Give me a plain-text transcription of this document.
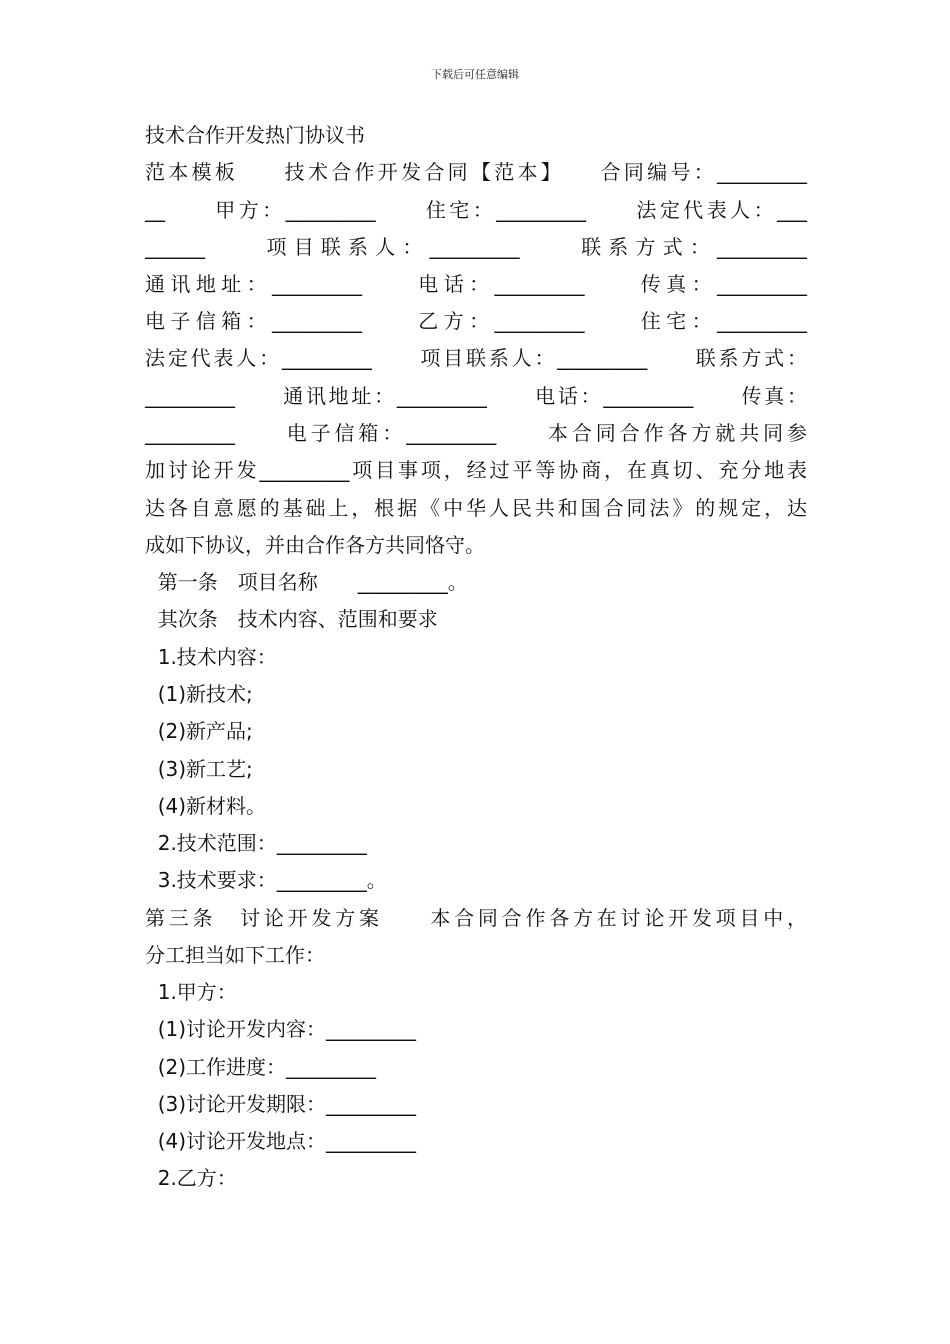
下载后可任意编辑
技术合作开发热门协议书
范本模板　　技术合作开发合同【范本】　　合同编号：_________
__　　甲方：_________　　住宅：_________　　法定代表人：___
______　　项目联系人：_________　　联系方式：_________
通讯地址：_________　　电话：_________　　传真：_________
电子信箱：_________　　乙方：_________　　住宅：_________
法定代表人：_________　　项目联系人：_________　　联系方式：
_________　　通讯地址：_________　　电话：_________　　传真：
_________　　电子信箱：_________　　本合同合作各方就共同参
加讨论开发_________项目事项，经过平等协商，在真切、充分地表
达各自意愿的基础上，根据《中华人民共和国合同法》的规定，达
成如下协议，并由合作各方共同恪守。
第一条　项目名称　　_________。
其次条　技术内容、范围和要求
1.技术内容：
(1)新技术;
(2)新产品;
(3)新工艺;
(4)新材料。
2.技术范围：_________
3.技术要求：_________。
第三条　讨论开发方案　　本合同合作各方在讨论开发项目中，
分工担当如下工作：
1.甲方：
(1)讨论开发内容：_________
(2)工作进度：_________
(3)讨论开发期限：_________
(4)讨论开发地点：_________
2.乙方：
